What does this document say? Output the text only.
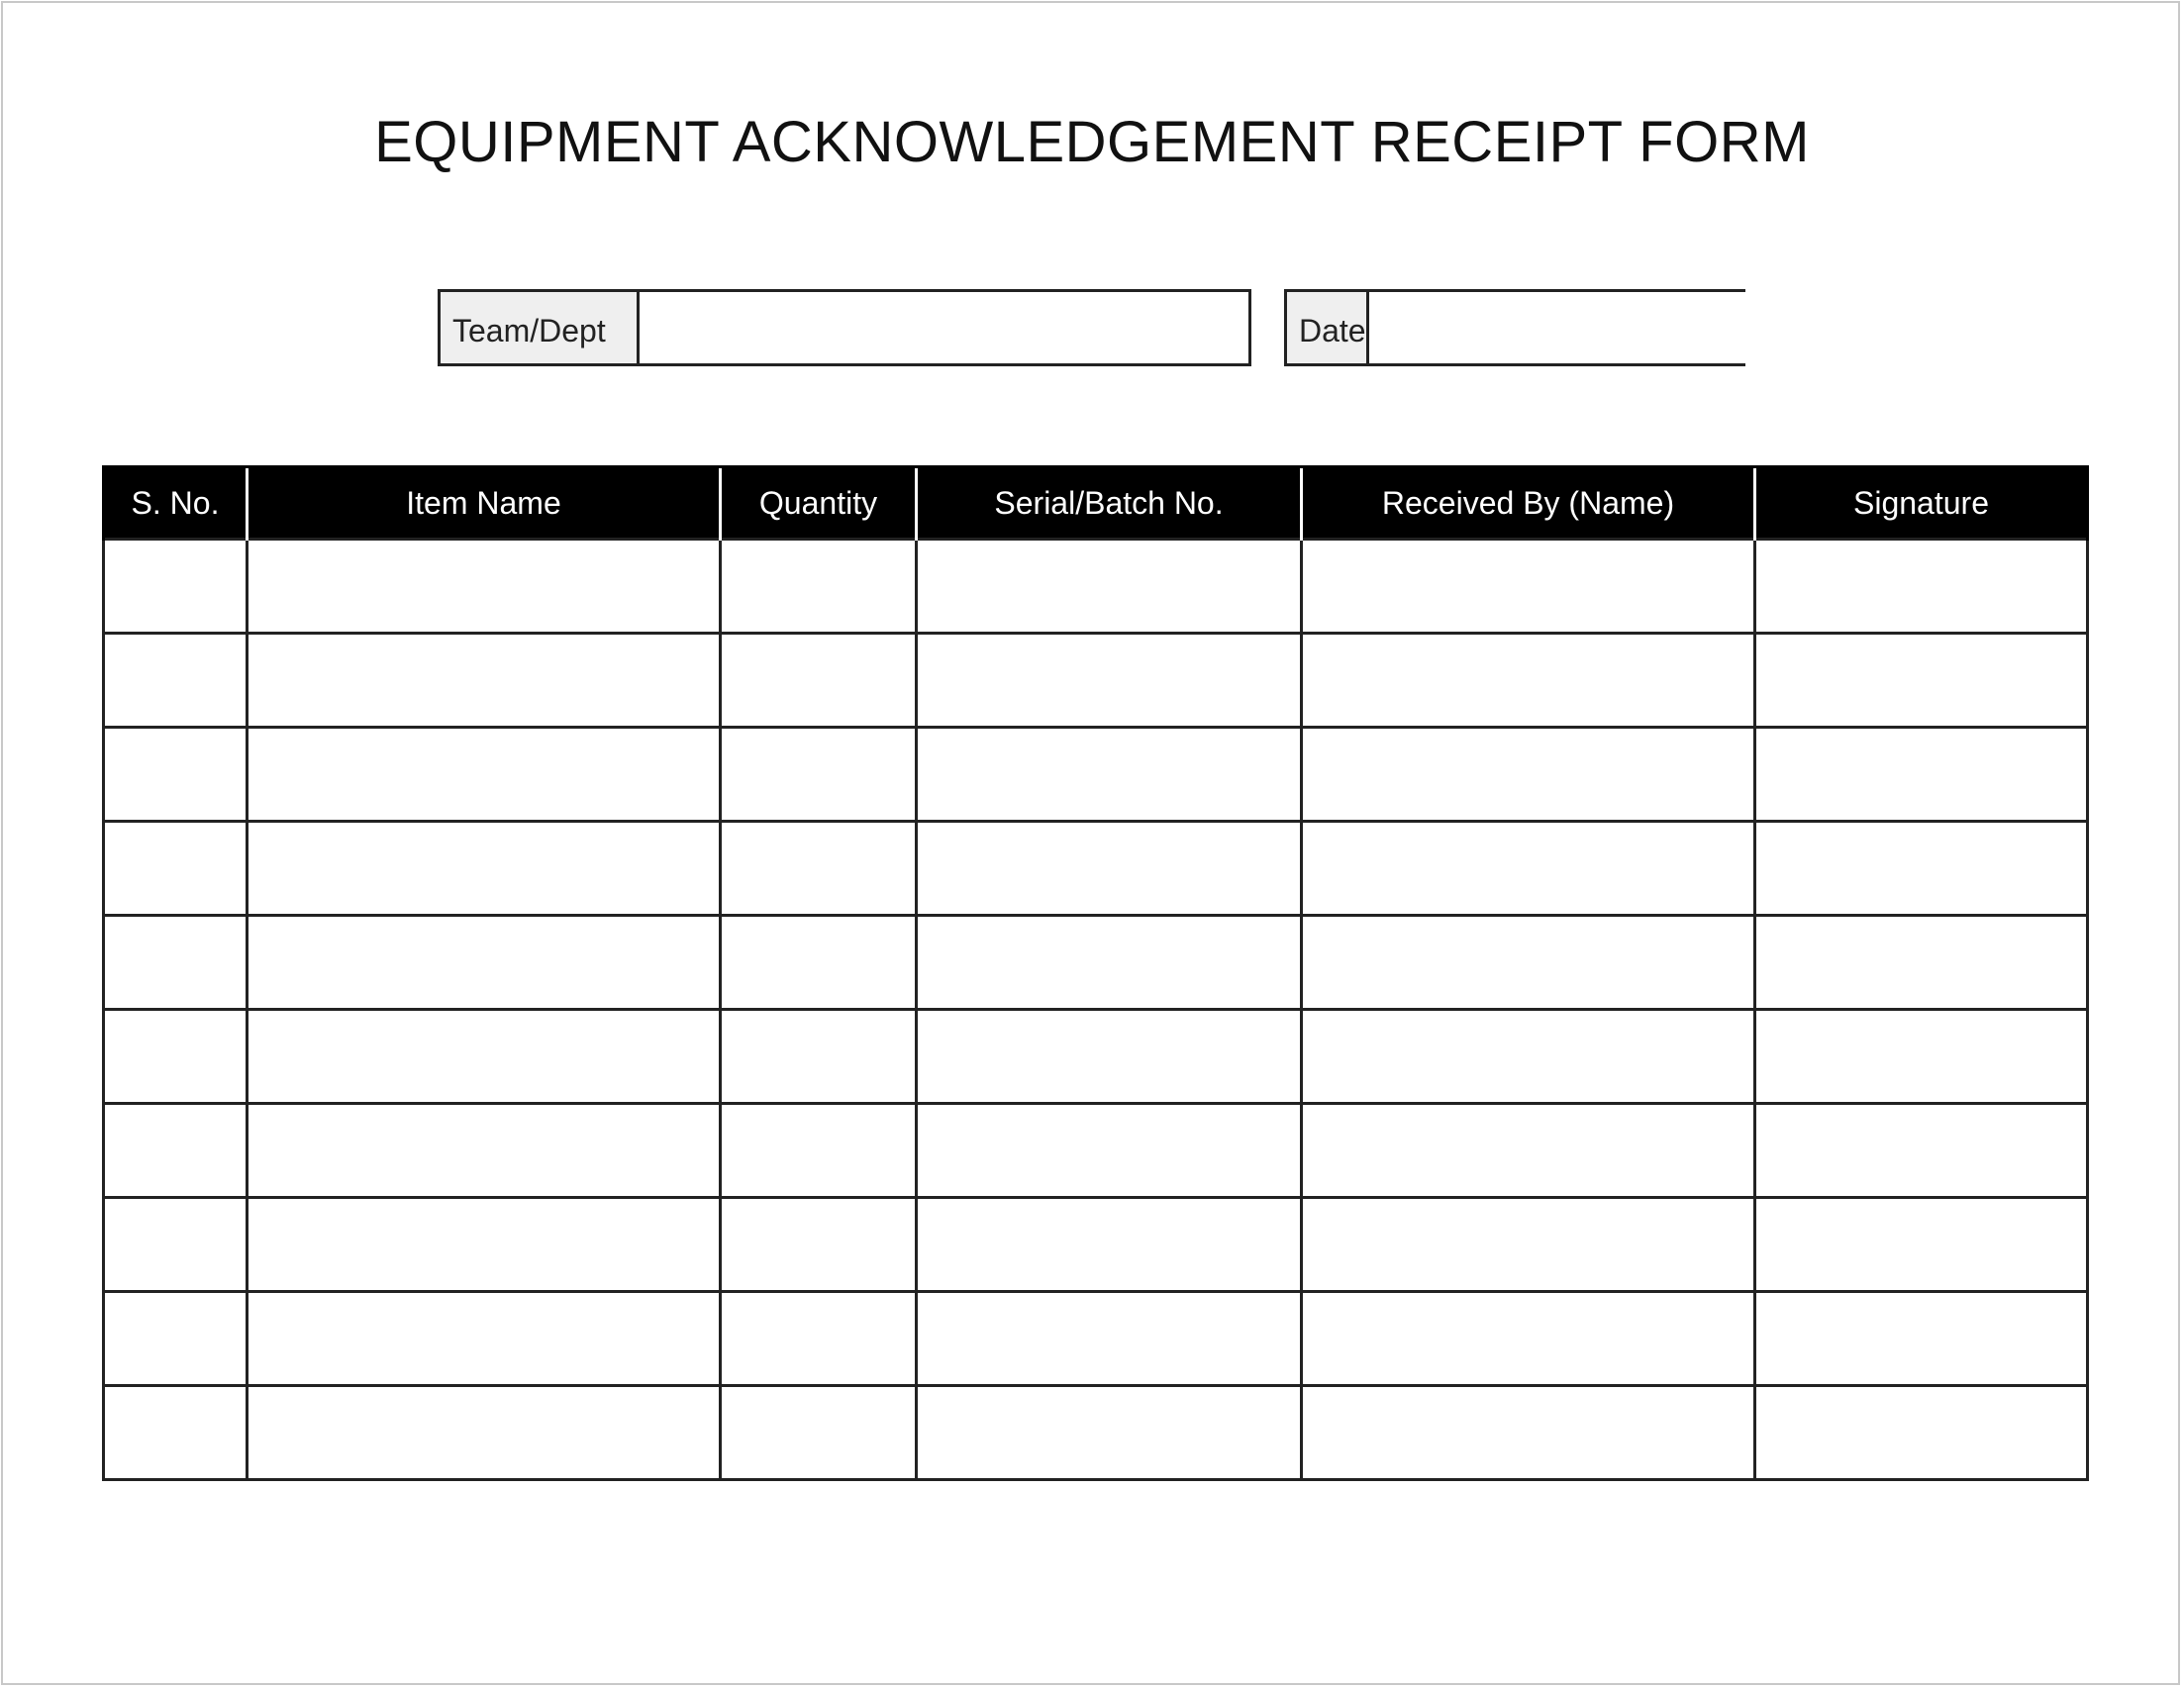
EQUIPMENT ACKNOWLEDGEMENT RECEIPT FORM
Team/Dept	Date
S. No.	Item Name	Quantity	Serial/Batch No.	Received By (Name)	Signature
